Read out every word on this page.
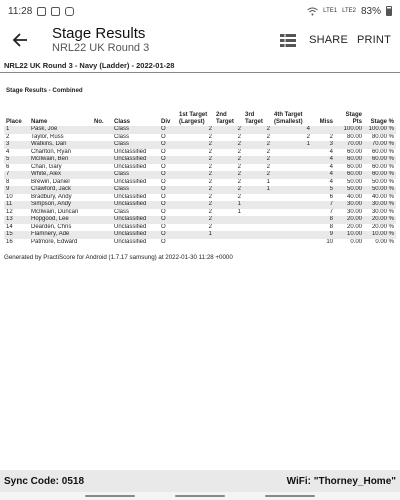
11:28	LTE1 LTE2 83%
Stage Results
NRL22 UK Round 3
SHARE PRINT
NRL22 UK Round 3 - Navy (Ladder) - 2022-01-28
Stage Results - Combined
Place	Name	No.	Class	Div	1st Target (Largest)	2nd Target	3rd Target	4th Target (Smallest)	Miss	Stage Pts	Stage %
1	Pask, Joe		Class	O	2	2	2	4		100.00	100.00 %
2	Taylor, Russ		Class	O	2	2	2	2	2	80.00	80.00 %
3	Watkins, Dan		Class	O	2	2	2	1	3	70.00	70.00 %
4	Charlton, Ryan		Unclassified	O	2	2	2		4	60.00	60.00 %
5	McIlwain, Ben		Unclassified	O	2	2	2		4	60.00	60.00 %
6	Chan, Gary		Unclassified	O	2	2	2		4	60.00	60.00 %
7	White, Alex		Class	O	2	2	2		4	60.00	60.00 %
8	Brewin, Daniel		Unclassified	O	2	2	1		4	50.00	50.00 %
9	Crawford, Jack		Class	O	2	2	1		5	50.00	50.00 %
10	Bradbury, Andy		Unclassified	O	2	2			6	40.00	40.00 %
11	Simpson, Andy		Unclassified	O	2	1			7	30.00	30.00 %
12	McIlwain, Duncan		Class	O	2	1			7	30.00	30.00 %
13	Hopgood, Lee		Unclassified	O	2				8	20.00	20.00 %
14	Dearden, Chris		Unclassified	O	2				8	20.00	20.00 %
15	Flamnery, Ade		Unclassified	O	1				9	10.00	10.00 %
16	Patmore, Edward		Unclassified	O					10	0.00	0.00 %
Generated by PractiScore for Android (1.7.17 samsung) at 2022-01-30 11:28 +0000
Sync Code: 0518	WiFi: "Thorney_Home"
